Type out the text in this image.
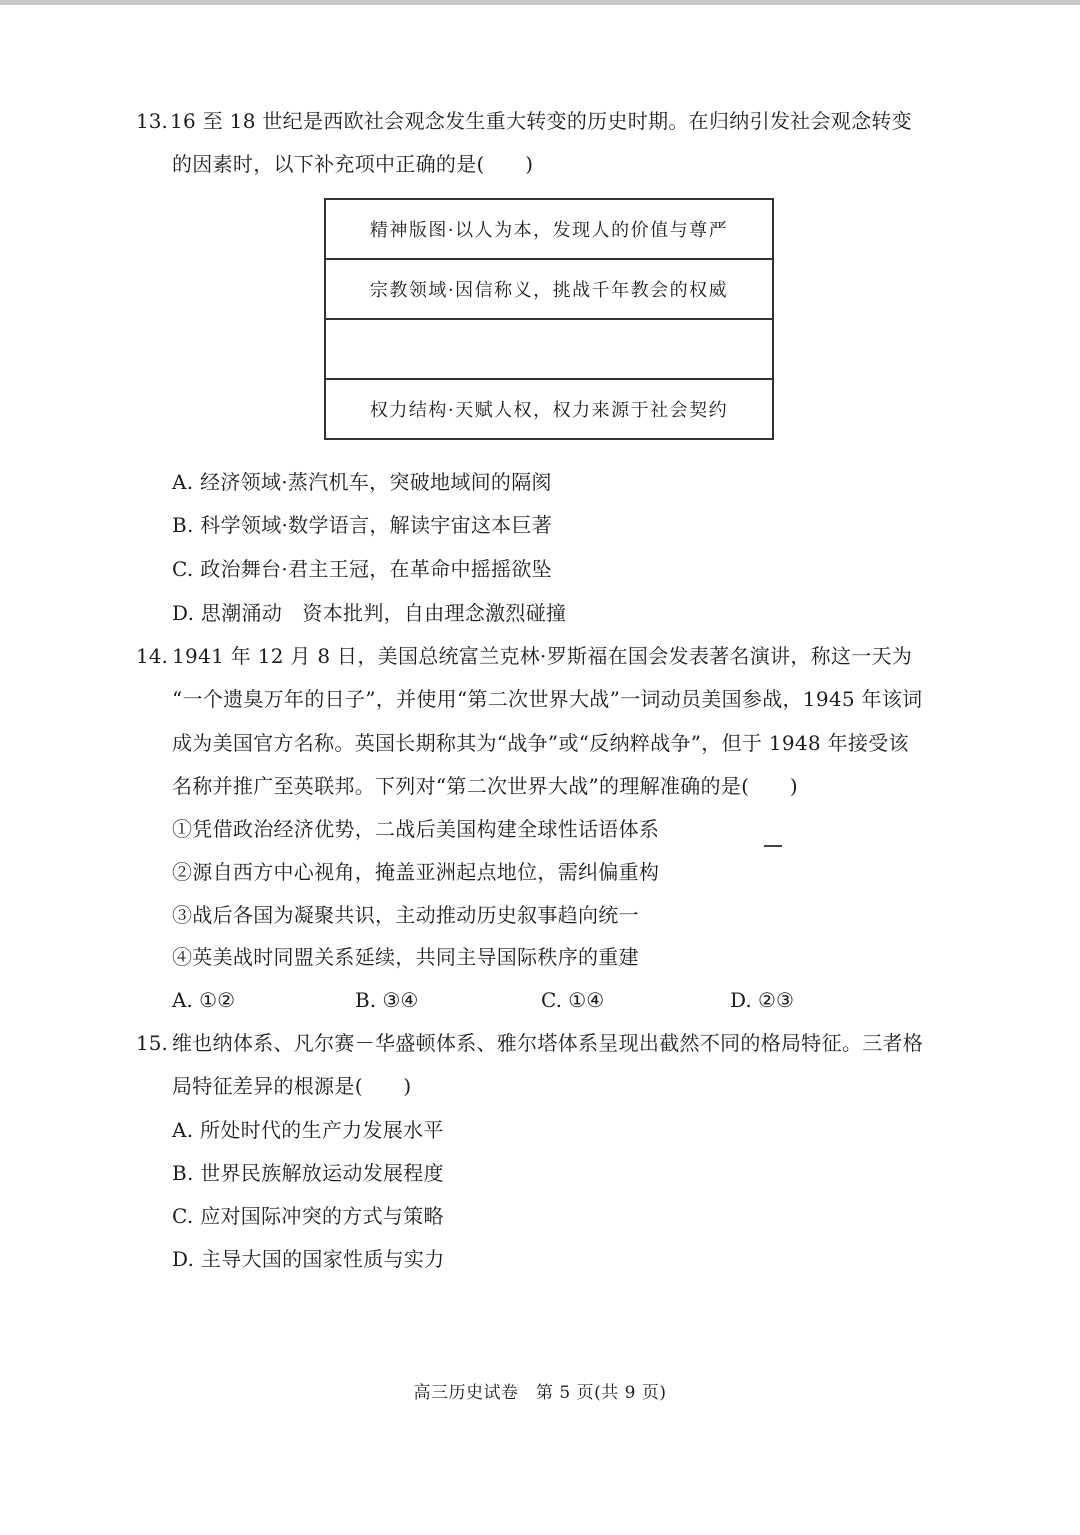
13. 16 至 18 世纪是西欧社会观念发生重大转变的历史时期。在归纳引发社会观念转变
的因素时，以下补充项中正确的是(　　)
精神版图·以人为本，发现人的价值与尊严
宗教领域·因信称义，挑战千年教会的权威

权力结构·天赋人权，权力来源于社会契约
A. 经济领域·蒸汽机车，突破地域间的隔阂
B. 科学领域·数学语言，解读宇宙这本巨著
C. 政治舞台·君主王冠，在革命中摇摇欲坠
D. 思潮涌动　资本批判，自由理念激烈碰撞
14. 1941 年 12 月 8 日，美国总统富兰克林·罗斯福在国会发表著名演讲，称这一天为
“一个遗臭万年的日子”，并使用“第二次世界大战”一词动员美国参战，1945 年该词
成为美国官方名称。英国长期称其为“战争”或“反纳粹战争”，但于 1948 年接受该
名称并推广至英联邦。下列对“第二次世界大战”的理解准确的是(　　)
①凭借政治经济优势，二战后美国构建全球性话语体系
②源自西方中心视角，掩盖亚洲起点地位，需纠偏重构
③战后各国为凝聚共识，主动推动历史叙事趋向统一
④英美战时同盟关系延续，共同主导国际秩序的重建
A. ①②	B. ③④	C. ①④	D. ②③
15. 维也纳体系、凡尔赛－华盛顿体系、雅尔塔体系呈现出截然不同的格局特征。三者格
局特征差异的根源是(　　)
A. 所处时代的生产力发展水平
B. 世界民族解放运动发展程度
C. 应对国际冲突的方式与策略
D. 主导大国的国家性质与实力
高三历史试卷　第 5 页(共 9 页)
